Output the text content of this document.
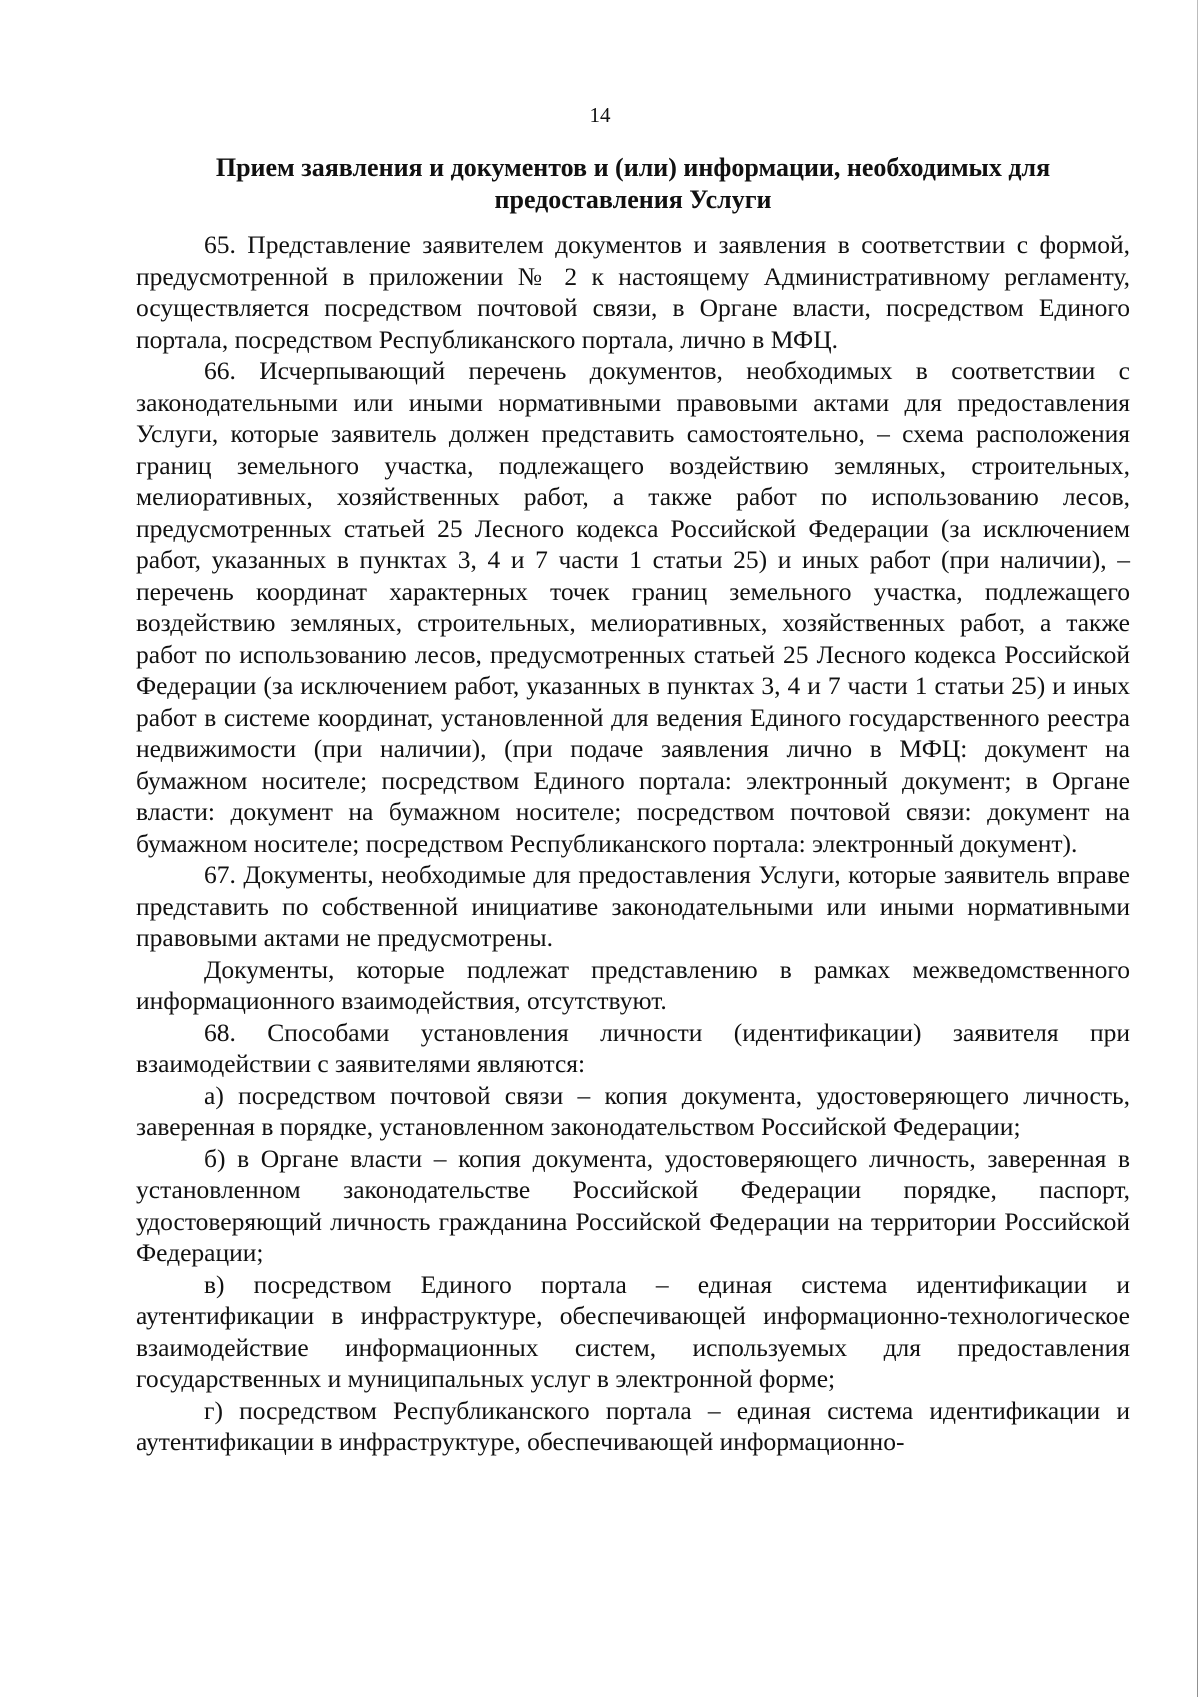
14
Прием заявления и документов и (или) информации, необходимых для предоставления Услуги

65. Представление заявителем документов и заявления в соответствии с формой, предусмотренной в приложении № 2 к настоящему Административному регламенту, осуществляется посредством почтовой связи, в Органе власти, посредством Единого портала, посредством Республиканского портала, лично в МФЦ.

66. Исчерпывающий перечень документов, необходимых в соответствии с законодательными или иными нормативными правовыми актами для предоставления Услуги, которые заявитель должен представить самостоятельно, – схема расположения границ земельного участка, подлежащего воздействию земляных, строительных, мелиоративных, хозяйственных работ, а также работ по использованию лесов, предусмотренных статьей 25 Лесного кодекса Российской Федерации (за исключением работ, указанных в пунктах 3, 4 и 7 части 1 статьи 25) и иных работ (при наличии), – перечень координат характерных точек границ земельного участка, подлежащего воздействию земляных, строительных, мелиоративных, хозяйственных работ, а также работ по использованию лесов, предусмотренных статьей 25 Лесного кодекса Российской Федерации (за исключением работ, указанных в пунктах 3, 4 и 7 части 1 статьи 25) и иных работ в системе координат, установленной для ведения Единого государственного реестра недвижимости (при наличии), (при подаче заявления лично в МФЦ: документ на бумажном носителе; посредством Единого портала: электронный документ; в Органе власти: документ на бумажном носителе; посредством почтовой связи: документ на бумажном носителе; посредством Республиканского портала: электронный документ).

67. Документы, необходимые для предоставления Услуги, которые заявитель вправе представить по собственной инициативе законодательными или иными нормативными правовыми актами не предусмотрены.

Документы, которые подлежат представлению в рамках межведомственного информационного взаимодействия, отсутствуют.

68. Способами установления личности (идентификации) заявителя при взаимодействии с заявителями являются:

а) посредством почтовой связи – копия документа, удостоверяющего личность, заверенная в порядке, установленном законодательством Российской Федерации;

б) в Органе власти – копия документа, удостоверяющего личность, заверенная в установленном законодательстве Российской Федерации порядке, паспорт, удостоверяющий личность гражданина Российской Федерации на территории Российской Федерации;

в) посредством Единого портала – единая система идентификации и аутентификации в инфраструктуре, обеспечивающей информационно-технологическое взаимодействие информационных систем, используемых для предоставления государственных и муниципальных услуг в электронной форме;

г) посредством Республиканского портала – единая система идентификации и аутентификации в инфраструктуре, обеспечивающей информационно-
